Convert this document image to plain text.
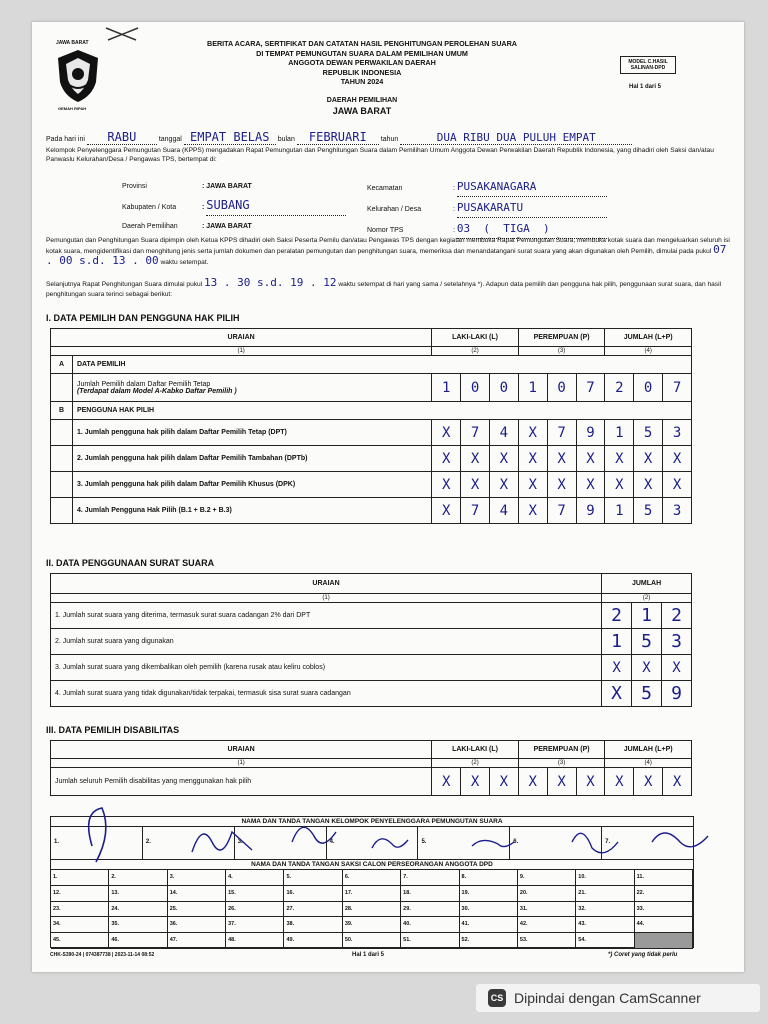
JAWA BARAT
GEMAH RIPAH
BERITA ACARA, SERTIFIKAT DAN CATATAN HASIL PENGHITUNGAN PEROLEHAN SUARA
DI TEMPAT PEMUNGUTAN SUARA DALAM PEMILIHAN UMUM
ANGGOTA DEWAN PERWAKILAN DAERAH
REPUBLIK INDONESIA
TAHUN 2024
MODEL C.HASIL
SALINAN-DPD
Hal 1 dari 5
DAERAH PEMILIHAN
JAWA BARAT
Pada hari ini RABU	tanggal EMPAT BELAS bulan FEBRUARI tahun	DUA RIBU DUA PULUH EMPAT
Kelompok Penyelenggara Pemungutan Suara (KPPS) mengadakan Rapat Pemungutan dan Penghitungan Suara dalam Pemilihan Umum Anggota Dewan Perwakilan Daerah Republik Indonesia, yang dihadiri oleh Saksi dan/atau Panwaslu Kelurahan/Desa / Pengawas TPS, bertempat di:
Provinsi	: JAWA BARAT
Kabupaten / Kota	: SUBANG
Daerah Pemilihan	: JAWA BARAT
Kecamatan	: PUSAKANAGARA
Kelurahan / Desa	: PUSAKARATU
Nomor TPS	: 03  (  TIGA  )
Pemungutan dan Penghitungan Suara dipimpin oleh Ketua KPPS dihadiri oleh Saksi Peserta Pemilu dan/atau Pengawas TPS dengan kegiatan membuka Rapat Pemungutan Suara, membuka kotak suara dan mengeluarkan seluruh isi kotak suara, mengidentifikasi dan menghitung jenis serta jumlah dokumen dan peralatan pemungutan dan penghitungan suara, memeriksa dan menandatangani surat suara yang akan digunakan oleh Pemilih, dimulai pada pukul 07 . 00 s.d. 13 . 00 waktu setempat.
Selanjutnya Rapat Penghitungan Suara dimulai pukul 13 . 30 s.d. 19 . 12 waktu setempat di hari yang sama / setelahnya *). Adapun data pemilih dan pengguna hak pilih, penggunaan surat suara, dan hasil penghitungan suara terinci sebagai berikut:
I. DATA PEMILIH DAN PENGGUNA HAK PILIH
URAIAN		LAKI-LAKI (L)			PEREMPUAN (P)			JUMLAH (L+P)		
(1)		(2)			(3)			(4)		
A	DATA PEMILIH									

	Jumlah Pemilih dalam Daftar Pemilih Tetap
(Terdapat dalam Model A-Kabko Daftar Pemilih )	1	0	0	1	0	7	2	0	7
B	PENGGUNA HAK PILIH									
	1. Jumlah pengguna hak pilih dalam Daftar Pemilih Tetap (DPT)	X	7	4	X	7	9	1	5	3
	2. Jumlah pengguna hak pilih dalam Daftar Pemilih Tambahan (DPTb)	X	X	X	X	X	X	X	X	X
	3. Jumlah pengguna hak pilih dalam Daftar Pemilih Khusus (DPK)	X	X	X	X	X	X	X	X	X
	4. Jumlah Pengguna Hak Pilih (B.1 + B.2 + B.3)	X	7	4	X	7	9	1	5	3
II. DATA PENGGUNAAN SURAT SUARA
URAIAN	JUMLAH		
(1)	(2)		
1. Jumlah surat suara yang diterima, termasuk surat suara cadangan 2% dari DPT	2	1	2
2. Jumlah surat suara yang digunakan	1	5	3
3. Jumlah surat suara yang dikembalikan oleh pemilih (karena rusak atau keliru coblos)	X	X	X
4. Jumlah surat suara yang tidak digunakan/tidak terpakai, termasuk sisa surat suara cadangan	X	5	9
III. DATA PEMILIH DISABILITAS
URAIAN	LAKI-LAKI (L)			PEREMPUAN (P)			JUMLAH (L+P)		
(1)	(2)			(3)			(4)		
Jumlah seluruh Pemilih disabilitas yang menggunakan hak pilih	X	X	X	X	X	X	X	X	X
NAMA DAN TANDA TANGAN KELOMPOK PENYELENGGARA PEMUNGUTAN SUARA
1.	2.	3.	4.	5.	6.	7.
NAMA DAN TANDA TANGAN SAKSI CALON PERSEORANGAN ANGGOTA DPD
1.	2.	3.	4.	5.	6.	7.	8.	9.	10.	11.
12.	13.	14.	15.	16.	17.	18.	19.	20.	21.	22.
23.	24.	25.	26.	27.	28.	29.	30.	31.	32.	33.
34.	35.	36.	37.	38.	39.	40.	41.	42.	43.	44.
45.	46.	47.	48.	49.	50.	51.	52.	53.	54.
CHK-S390-24 | 074387738 | 2023-11-14 08:52	Hal 1 dari 5	*) Coret yang tidak perlu
CS Dipindai dengan CamScanner
